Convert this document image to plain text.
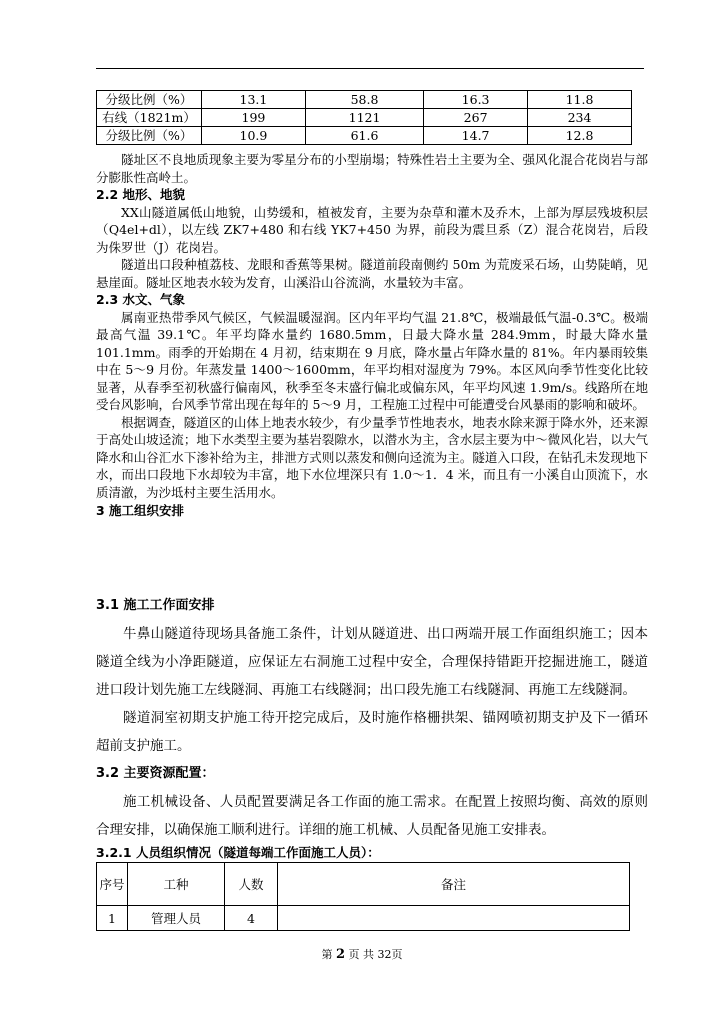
分级比例（%）	13.1	58.8	16.3	11.8
右线（1821m）	199	1121	267	234
分级比例（%）	10.9	61.6	14.7	12.8

隧址区不良地质现象主要为零星分布的小型崩塌；特殊性岩土主要为全、强风化混合花岗岩与部分膨胀性高岭土。

2.2 地形、地貌

XX山隧道属低山地貌，山势缓和，植被发育，主要为杂草和灌木及乔木，上部为厚层残坡积层（Q4el+dl），以左线 ZK7+480 和右线 YK7+450 为界，前段为震旦系（Z）混合花岗岩，后段为侏罗世（J）花岗岩。

隧道出口段种植荔枝、龙眼和香蕉等果树。隧道前段南侧约 50m 为荒废采石场，山势陡峭，见悬崖面。隧址区地表水较为发育，山溪沿山谷流淌，水量较为丰富。

2.3 水文、气象

属南亚热带季风气候区，气候温暖湿润。区内年平均气温 21.8℃，极端最低气温-0.3℃。极端最高气温 39.1℃。年平均降水量约 1680.5mm，日最大降水量 284.9mm，时最大降水量 101.1mm。雨季的开始期在 4 月初，结束期在 9 月底，降水量占年降水量的 81%。年内暴雨较集中在 5～9 月份。年蒸发量 1400～1600mm，年平均相对湿度为 79%。本区风向季节性变化比较显著，从春季至初秋盛行偏南风，秋季至冬末盛行偏北或偏东风，年平均风速 1.9m/s。线路所在地受台风影响，台风季节常出现在每年的 5～9 月，工程施工过程中可能遭受台风暴雨的影响和破坏。

根据调查，隧道区的山体上地表水较少，有少量季节性地表水，地表水除来源于降水外，还来源于高处山坡迳流；地下水类型主要为基岩裂隙水，以潜水为主，含水层主要为中～微风化岩，以大气降水和山谷汇水下渗补给为主，排泄方式则以蒸发和侧向迳流为主。隧道入口段，在钻孔未发现地下水，而出口段地下水却较为丰富，地下水位埋深只有 1.0～1．4 米，而且有一小溪自山顶流下，水质清澈，为沙坻村主要生活用水。

3 施工组织安排

3.1 施工工作面安排

牛鼻山隧道待现场具备施工条件，计划从隧道进、出口两端开展工作面组织施工；因本隧道全线为小净距隧道，应保证左右洞施工过程中安全，合理保持错距开挖掘进施工，隧道进口段计划先施工左线隧洞、再施工右线隧洞；出口段先施工右线隧洞、再施工左线隧洞。

隧道洞室初期支护施工待开挖完成后，及时施作格栅拱架、锚网喷初期支护及下一循环超前支护施工。

3.2 主要资源配置：

施工机械设备、人员配置要满足各工作面的施工需求。在配置上按照均衡、高效的原则合理安排，以确保施工顺利进行。详细的施工机械、人员配备见施工安排表。

3.2.1 人员组织情况（隧道每端工作面施工人员）：

序号	工种	人数	备注
1	管理人员	4	
第 2 页 共 32页
